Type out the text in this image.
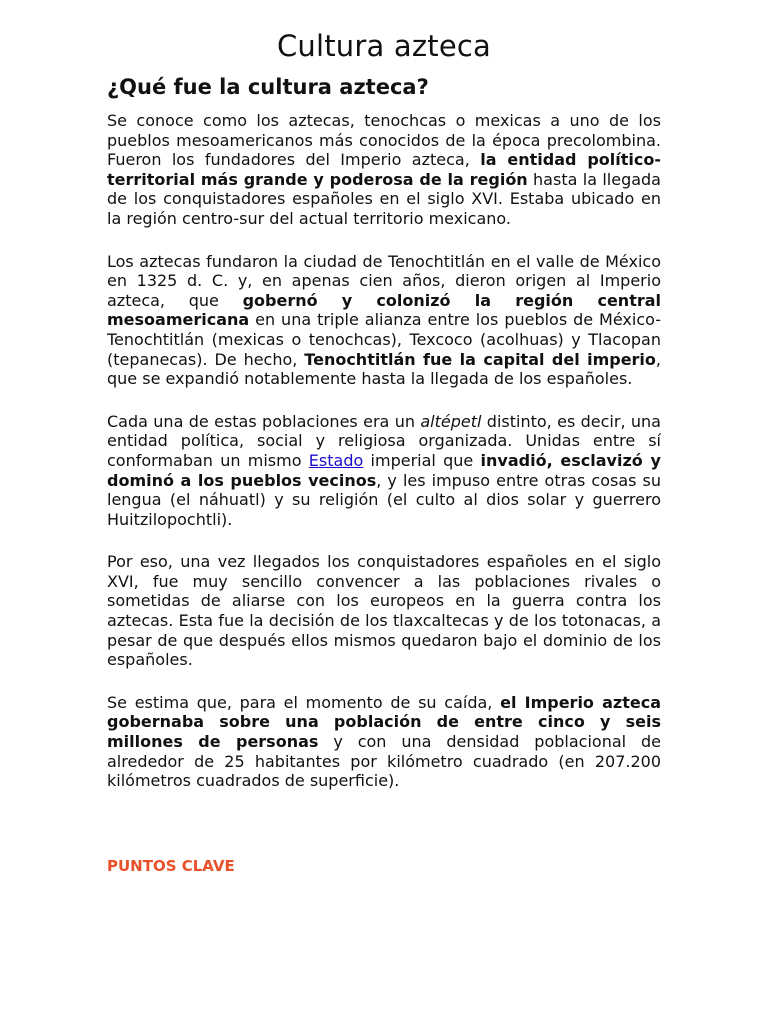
Cultura azteca
¿Qué fue la cultura azteca?

Se conoce como los aztecas, tenochcas o mexicas a uno de los pueblos mesoamericanos más conocidos de la época precolombina. Fueron los fundadores del Imperio azteca, la entidad político-territorial más grande y poderosa de la región hasta la llegada de los conquistadores españoles en el siglo XVI. Estaba ubicado en la región centro-sur del actual territorio mexicano.

Los aztecas fundaron la ciudad de Tenochtitlán en el valle de México en 1325 d. C. y, en apenas cien años, dieron origen al Imperio azteca, que gobernó y colonizó la región central mesoamericana en una triple alianza entre los pueblos de México-Tenochtitlán (mexicas o tenochcas), Texcoco (acolhuas) y Tlacopan (tepanecas). De hecho, Tenochtitlán fue la capital del imperio, que se expandió notablemente hasta la llegada de los españoles.

Cada una de estas poblaciones era un altépetl distinto, es decir, una entidad política, social y religiosa organizada. Unidas entre sí conformaban un mismo Estado imperial que invadió, esclavizó y dominó a los pueblos vecinos, y les impuso entre otras cosas su lengua (el náhuatl) y su religión (el culto al dios solar y guerrero Huitzilopochtli).

Por eso, una vez llegados los conquistadores españoles en el siglo XVI, fue muy sencillo convencer a las poblaciones rivales o sometidas de aliarse con los europeos en la guerra contra los aztecas. Esta fue la decisión de los tlaxcaltecas y de los totonacas, a pesar de que después ellos mismos quedaron bajo el dominio de los españoles.

Se estima que, para el momento de su caída, el Imperio azteca gobernaba sobre una población de entre cinco y seis millones de personas y con una densidad poblacional de alrededor de 25 habitantes por kilómetro cuadrado (en 207.200 kilómetros cuadrados de superficie).

PUNTOS CLAVE
